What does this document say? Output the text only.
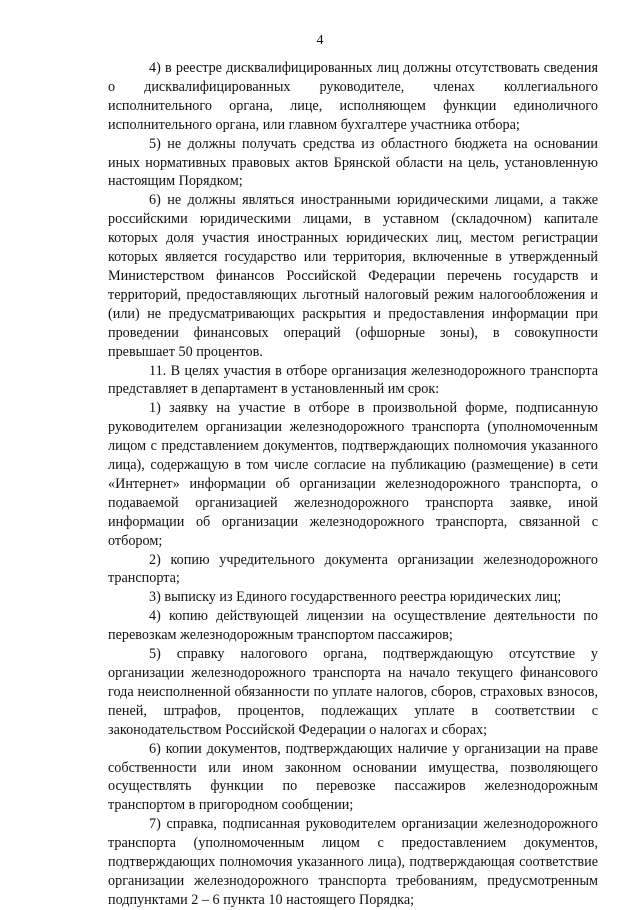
4

4) в реестре дисквалифицированных лиц должны отсутствовать сведения о дисквалифицированных руководителе, членах коллегиального исполнительного органа, лице, исполняющем функции единоличного исполнительного органа, или главном бухгалтере участника отбора;

5) не должны получать средства из областного бюджета на основании иных нормативных правовых актов Брянской области на цель, установленную настоящим Порядком;

6) не должны являться иностранными юридическими лицами, а также российскими юридическими лицами, в уставном (складочном) капитале которых доля участия иностранных юридических лиц, местом регистрации которых является государство или территория, включенные в утвержденный Министерством финансов Российской Федерации перечень государств и территорий, предоставляющих льготный налоговый режим налогообложения и (или) не предусматривающих раскрытия и предоставления информации при проведении финансовых операций (офшорные зоны), в совокупности превышает 50 процентов.

11. В целях участия в отборе организация железнодорожного транспорта представляет в департамент в установленный им срок:

1) заявку на участие в отборе в произвольной форме, подписанную руководителем организации железнодорожного транспорта (уполномоченным лицом с представлением документов, подтверждающих полномочия указанного лица), содержащую в том числе согласие на публикацию (размещение) в сети «Интернет» информации об организации железнодорожного транспорта, о подаваемой организацией железнодорожного транспорта заявке, иной информации об организации железнодорожного транспорта, связанной с отбором;

2) копию учредительного документа организации железнодорожного транспорта;

3) выписку из Единого государственного реестра юридических лиц;

4) копию действующей лицензии на осуществление деятельности по перевозкам железнодорожным транспортом пассажиров;

5) справку налогового органа, подтверждающую отсутствие у организации железнодорожного транспорта на начало текущего финансового года неисполненной обязанности по уплате налогов, сборов, страховых взносов, пеней, штрафов, процентов, подлежащих уплате в соответствии с законодательством Российской Федерации о налогах и сборах;

6) копии документов, подтверждающих наличие у организации на праве собственности или ином законном основании имущества, позволяющего осуществлять функции по перевозке пассажиров железнодорожным транспортом в пригородном сообщении;

7) справка, подписанная руководителем организации железнодорожного транспорта (уполномоченным лицом с предоставлением документов, подтверждающих полномочия указанного лица), подтверждающая соответствие организации железнодорожного транспорта требованиям, предусмотренным подпунктами 2 – 6 пункта 10 настоящего Порядка;
